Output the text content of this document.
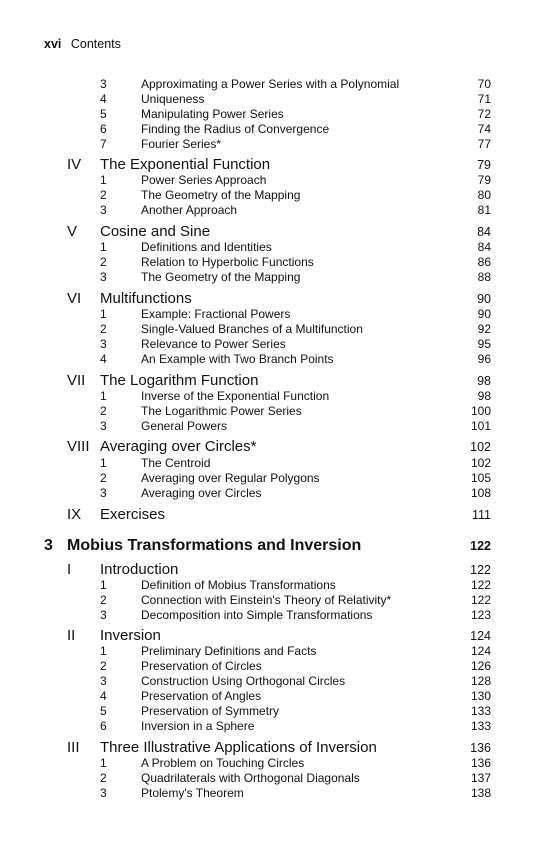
xvi Contents
3	Approximating a Power Series with a Polynomial	70
4	Uniqueness	71
5	Manipulating Power Series	72
6	Finding the Radius of Convergence	74
7	Fourier Series*	77
IV The Exponential Function	79
1	Power Series Approach	79
2	The Geometry of the Mapping	80
3	Another Approach	81
V Cosine and Sine	84
1	Definitions and Identities	84
2	Relation to Hyperbolic Functions	86
3	The Geometry of the Mapping	88
VI Multifunctions	90
1	Example: Fractional Powers	90
2	Single-Valued Branches of a Multifunction	92
3	Relevance to Power Series	95
4	An Example with Two Branch Points	96
VII The Logarithm Function	98
1	Inverse of the Exponential Function	98
2	The Logarithmic Power Series	100
3	General Powers	101
VIII Averaging over Circles*	102
1	The Centroid	102
2	Averaging over Regular Polygons	105
3	Averaging over Circles	108
IX Exercises	111
3 Mobius Transformations and Inversion	122
I Introduction	122
1	Definition of Mobius Transformations	122
2	Connection with Einstein's Theory of Relativity*	122
3	Decomposition into Simple Transformations	123
II Inversion	124
1	Preliminary Definitions and Facts	124
2	Preservation of Circles	126
3	Construction Using Orthogonal Circles	128
4	Preservation of Angles	130
5	Preservation of Symmetry	133
6	Inversion in a Sphere	133
III Three Illustrative Applications of Inversion	136
1	A Problem on Touching Circles	136
2	Quadrilaterals with Orthogonal Diagonals	137
3	Ptolemy's Theorem	138
